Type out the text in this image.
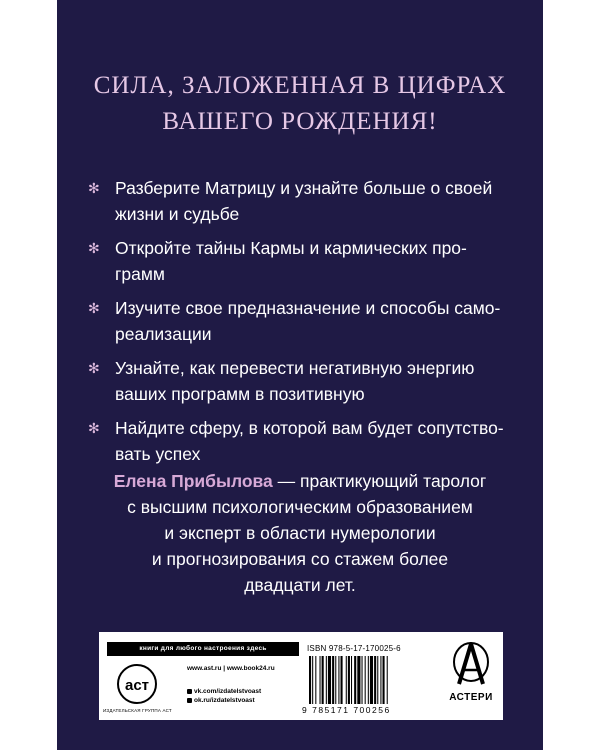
СИЛА, ЗАЛОЖЕННАЯ В ЦИФРАХ
ВАШЕГО РОЖДЕНИЯ!
✻ Разберите Матрицу и узнайте больше о своей
жизни и судьбе
✻ Откройте тайны Кармы и кармических про-
грамм
✻ Изучите свое предназначение и способы само-
реализации
✻ Узнайте, как перевести негативную энергию
ваших программ в позитивную
✻ Найдите сферу, в которой вам будет сопутство-
вать успех
Елена Прибылова — практикующий таролог
с высшим психологическим образованием
и эксперт в области нумерологии
и прогнозирования со стажем более
двадцати лет.
книги для любого настроения здесь
аст
ИЗДАТЕЛЬСКАЯ ГРУППА АСТ
www.ast.ru | www.book24.ru
vk.com/izdatelstvoast
ok.ru/izdatelstvoast
ISBN 978-5-17-170025-6
9 785171 700256
АСТЕРИ
